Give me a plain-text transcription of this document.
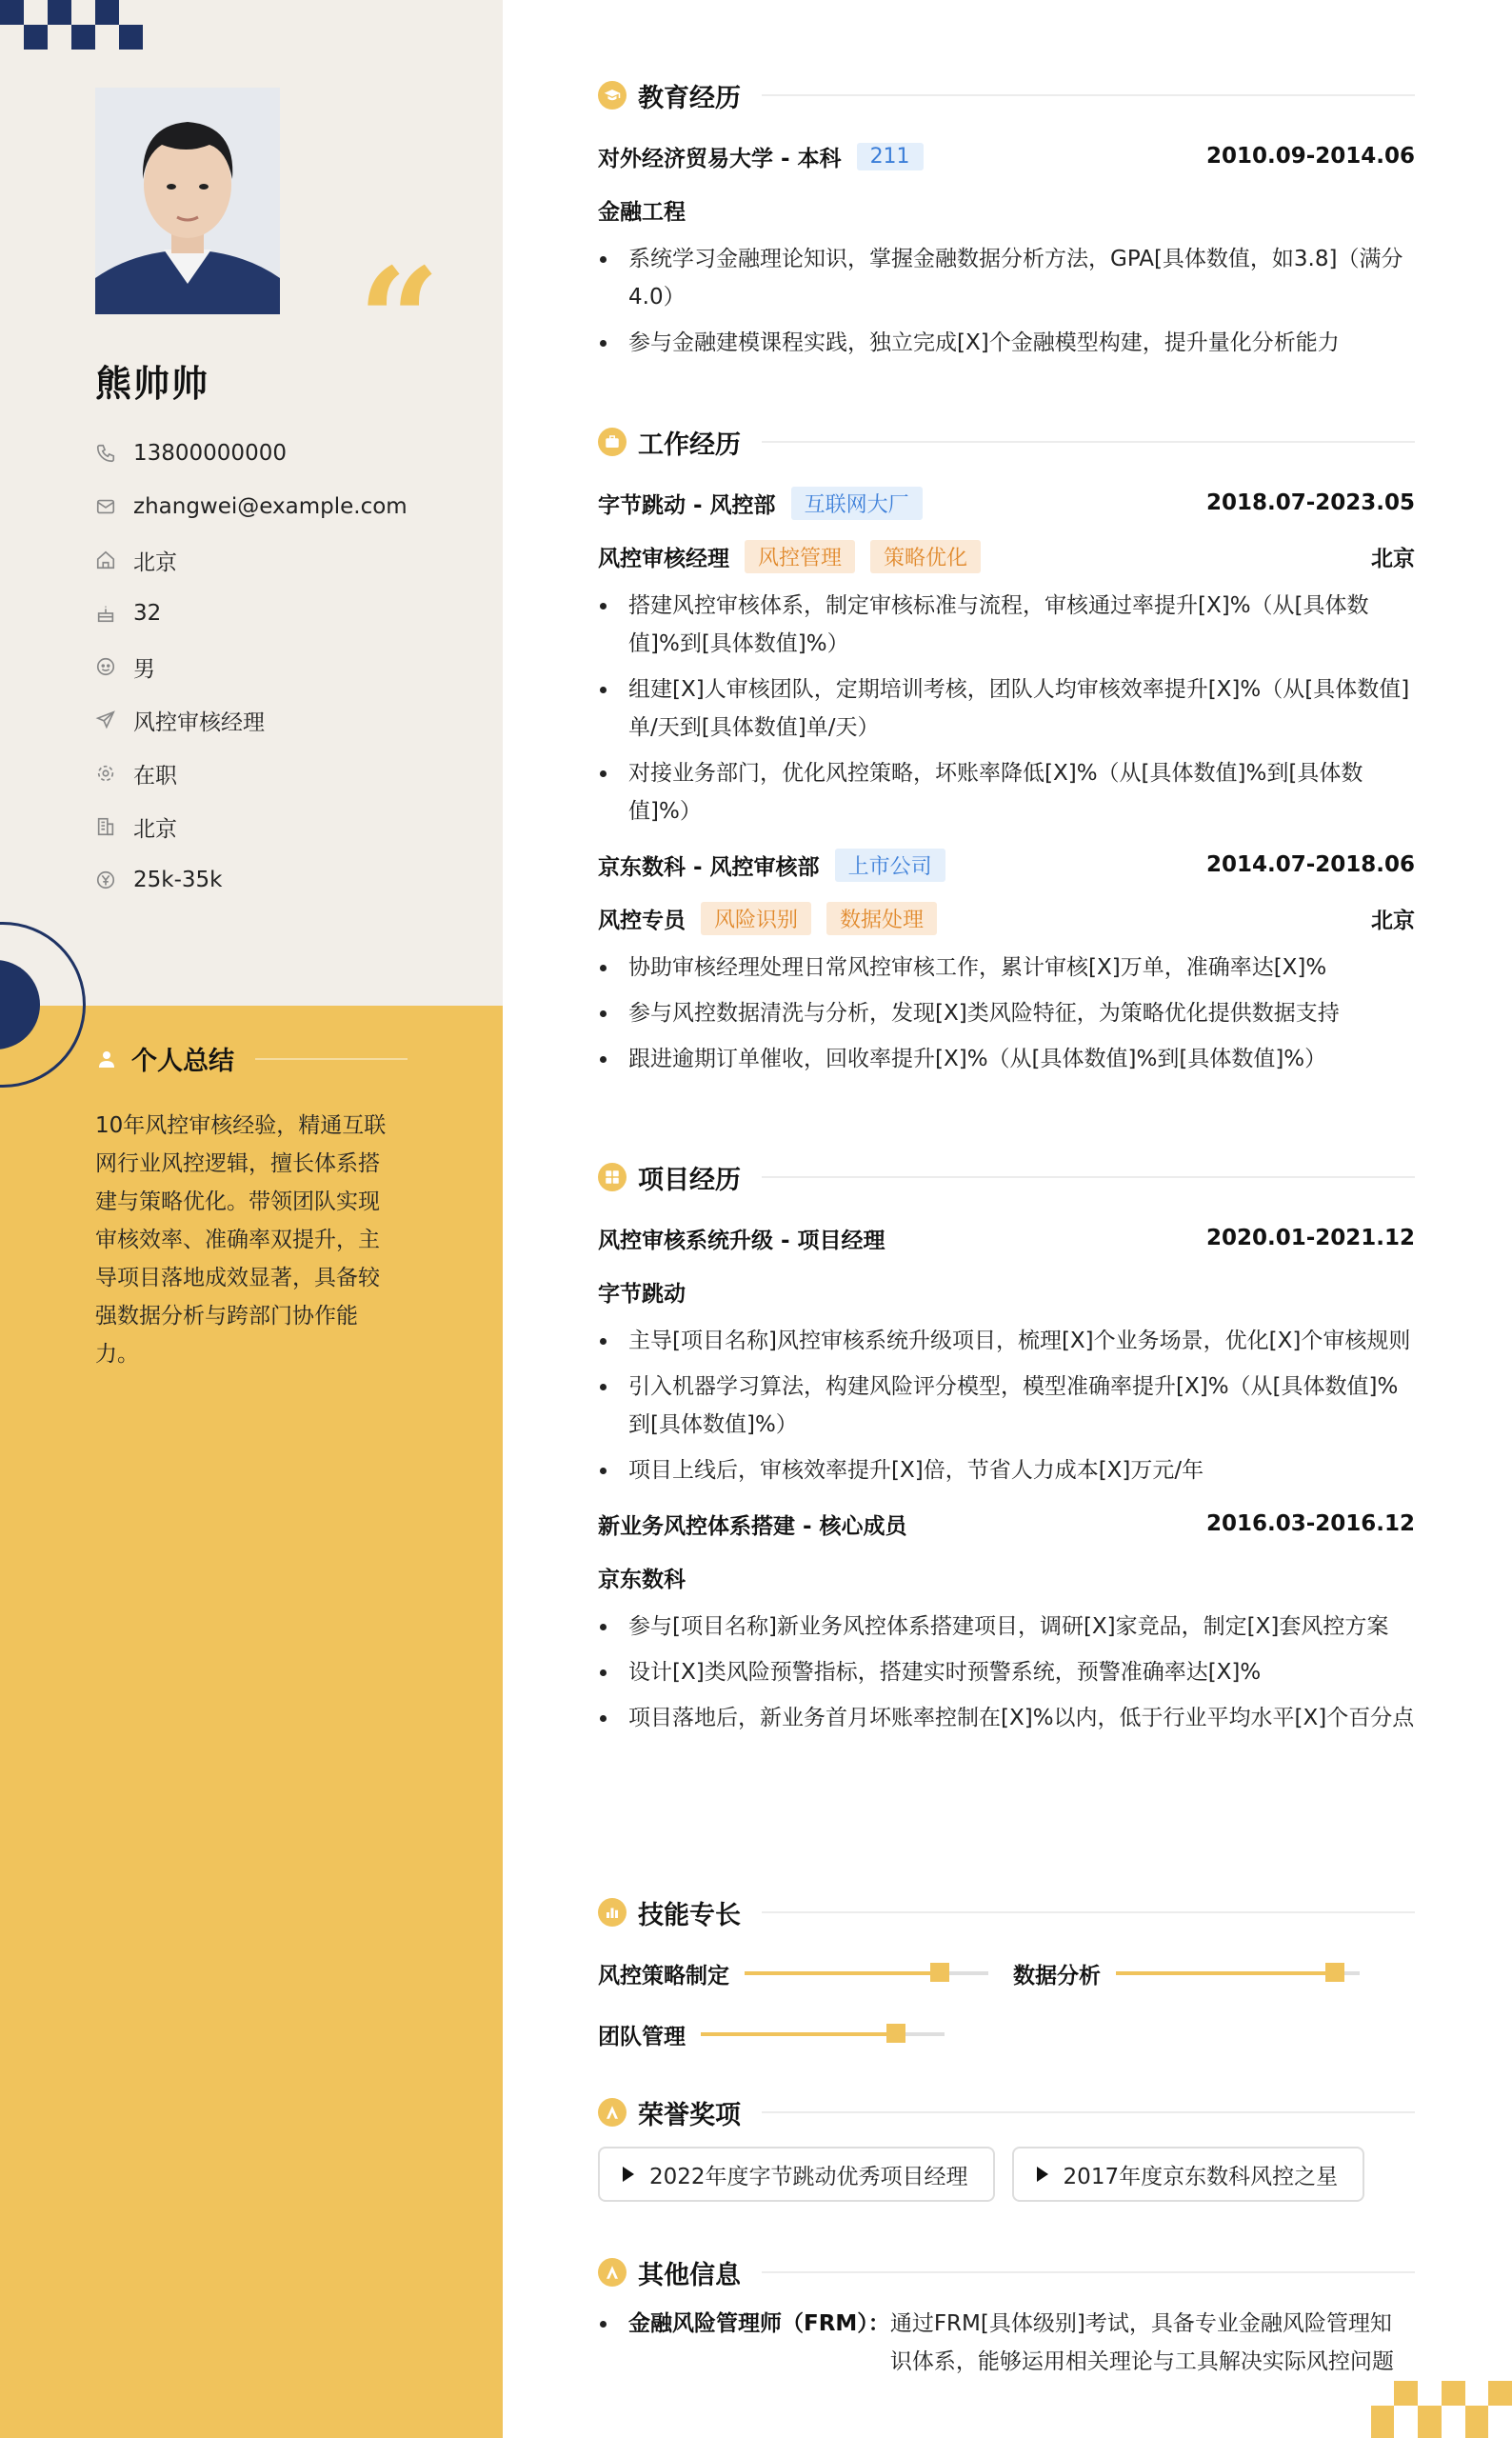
“
熊帅帅
13800000000
zhangwei@example.com
北京
32
男
风控审核经理
在职
北京
25k-35k
个人总结
10年风控审核经验，精通互联网行业风控逻辑，擅长体系搭建与策略优化。带领团队实现审核效率、准确率双提升，主导项目落地成效显著，具备较强数据分析与跨部门协作能力。
教育经历
对外经济贸易大学 - 本科	211	2010.09-2014.06
金融工程
系统学习金融理论知识，掌握金融数据分析方法，GPA[具体数值，如3.8]（满分4.0）
参与金融建模课程实践，独立完成[X]个金融模型构建，提升量化分析能力
工作经历
字节跳动 - 风控部	互联网大厂	2018.07-2023.05
风控审核经理	风控管理	策略优化	北京
搭建风控审核体系，制定审核标准与流程，审核通过率提升[X]%（从[具体数值]%到[具体数值]%）
组建[X]人审核团队，定期培训考核，团队人均审核效率提升[X]%（从[具体数值]单/天到[具体数值]单/天）
对接业务部门，优化风控策略，坏账率降低[X]%（从[具体数值]%到[具体数值]%）
京东数科 - 风控审核部	上市公司	2014.07-2018.06
风控专员	风险识别	数据处理	北京
协助审核经理处理日常风控审核工作，累计审核[X]万单，准确率达[X]%
参与风控数据清洗与分析，发现[X]类风险特征，为策略优化提供数据支持
跟进逾期订单催收，回收率提升[X]%（从[具体数值]%到[具体数值]%）
项目经历
风控审核系统升级 - 项目经理	2020.01-2021.12
字节跳动
主导[项目名称]风控审核系统升级项目，梳理[X]个业务场景，优化[X]个审核规则
引入机器学习算法，构建风险评分模型，模型准确率提升[X]%（从[具体数值]%到[具体数值]%）
项目上线后，审核效率提升[X]倍，节省人力成本[X]万元/年
新业务风控体系搭建 - 核心成员	2016.03-2016.12
京东数科
参与[项目名称]新业务风控体系搭建项目，调研[X]家竞品，制定[X]套风控方案
设计[X]类风险预警指标，搭建实时预警系统，预警准确率达[X]%
项目落地后，新业务首月坏账率控制在[X]%以内，低于行业平均水平[X]个百分点
技能专长
风控策略制定	数据分析
团队管理
荣誉奖项
2022年度字节跳动优秀项目经理	2017年度京东数科风控之星
其他信息
金融风险管理师（FRM）： 通过FRM[具体级别]考试，具备专业金融风险管理知识体系，能够运用相关理论与工具解决实际风控问题
